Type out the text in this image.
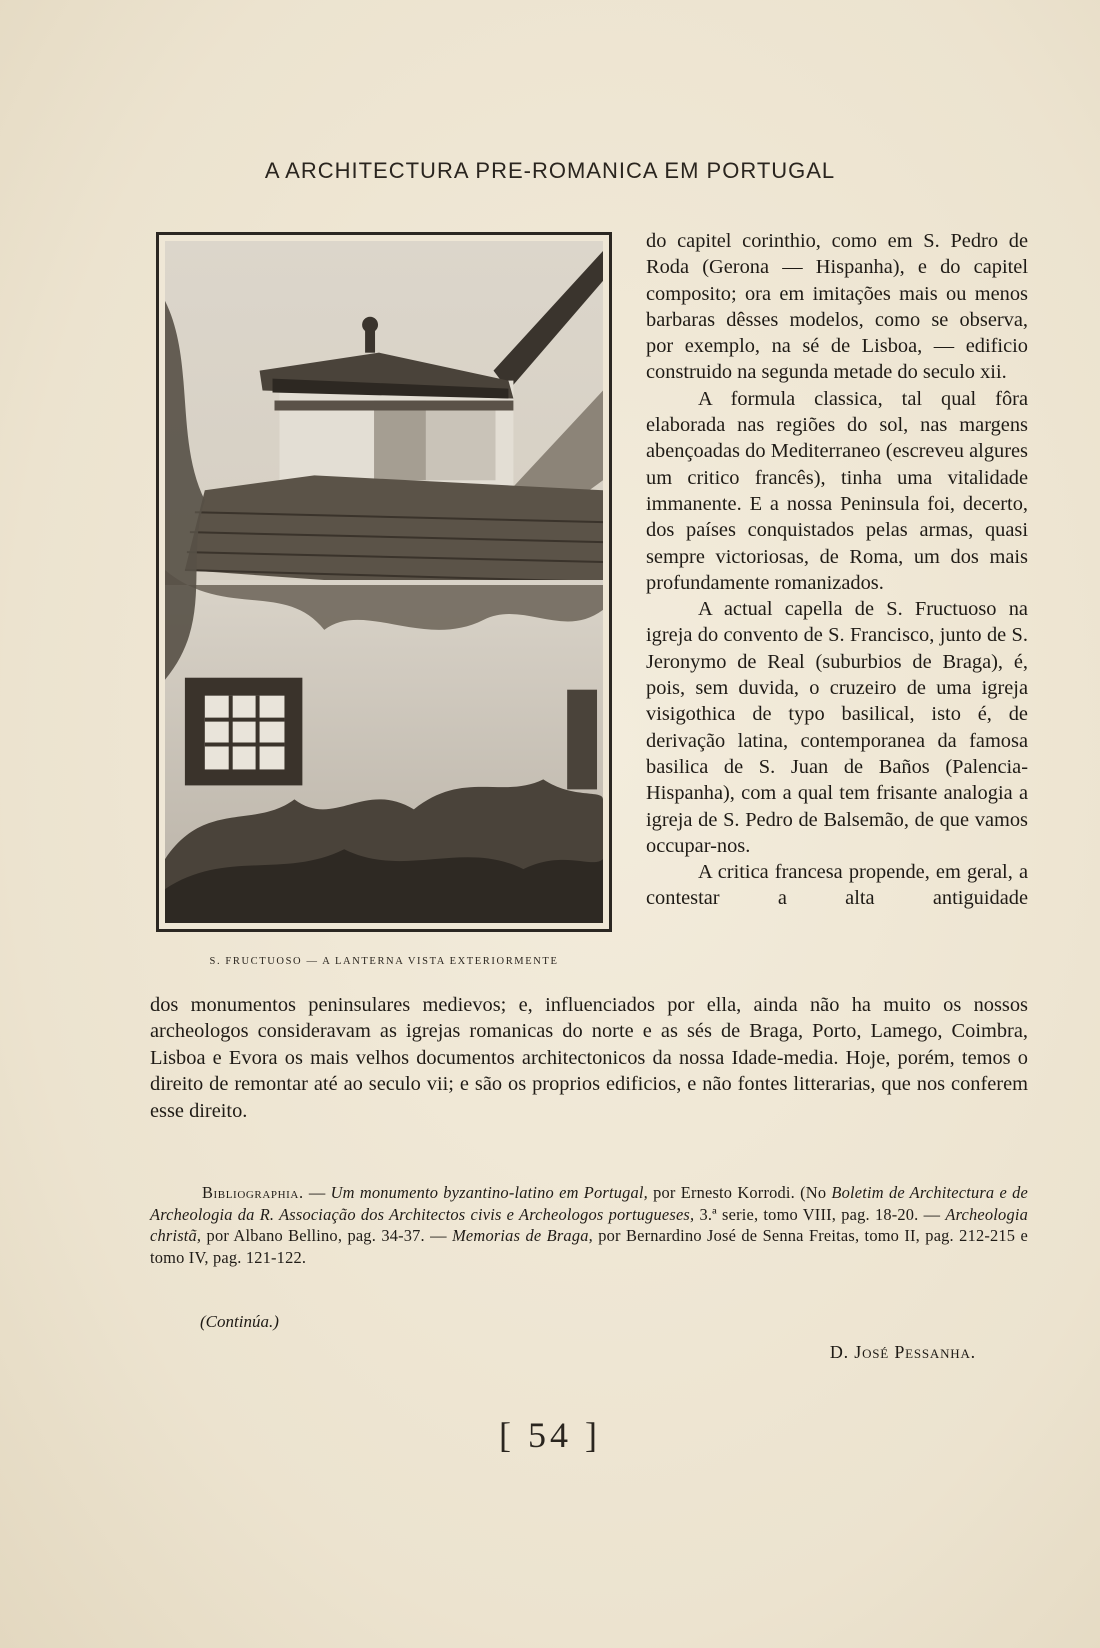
A ARCHITECTURA PRE-ROMANICA EM PORTUGAL
S. FRUCTUOSO — A LANTERNA VISTA EXTERIORMENTE

do capitel corinthio, como em S. Pedro de Roda (Gerona — Hispanha), e do capitel composito; ora em imitações mais ou menos barbaras dêsses modelos, como se observa, por exemplo, na sé de Lisboa, — edificio construido na segunda metade do seculo xii.

A formula classica, tal qual fôra elaborada nas regiões do sol, nas margens abençoadas do Mediterraneo (escreveu algures um critico francês), tinha uma vitalidade immanente. E a nossa Peninsula foi, decerto, dos países conquistados pelas armas, quasi sempre victoriosas, de Roma, um dos mais profundamente romanizados.

A actual capella de S. Fructuoso na igreja do convento de S. Francisco, junto de S. Jeronymo de Real (suburbios de Braga), é, pois, sem duvida, o cruzeiro de uma igreja visigothica de typo basilical, isto é, de derivação latina, contemporanea da famosa basilica de S. Juan de Baños (Palencia-Hispanha), com a qual tem frisante analogia a igreja de S. Pedro de Balsemão, de que vamos occupar-nos.

A critica francesa propende, em geral, a contestar a alta antiguidade

dos monumentos peninsulares medievos; e, influenciados por ella, ainda não ha muito os nossos archeologos consideravam as igrejas romanicas do norte e as sés de Braga, Porto, Lamego, Coimbra, Lisboa e Evora os mais velhos documentos architectonicos da nossa Idade-media. Hoje, porém, temos o direito de remontar até ao seculo vii; e são os proprios edificios, e não fontes litterarias, que nos conferem esse direito.
Bibliographia. — Um monumento byzantino-latino em Portugal, por Ernesto Korrodi. (No Boletim de Architectura e de Archeologia da R. Associação dos Architectos civis e Archeologos portugueses, 3.ª serie, tomo VIII, pag. 18-20. — Archeologia christã, por Albano Bellino, pag. 34-37. — Memorias de Braga, por Bernardino José de Senna Freitas, tomo II, pag. 212-215 e tomo IV, pag. 121-122.
(Continúa.)
D. José Pessanha.
[ 54 ]
